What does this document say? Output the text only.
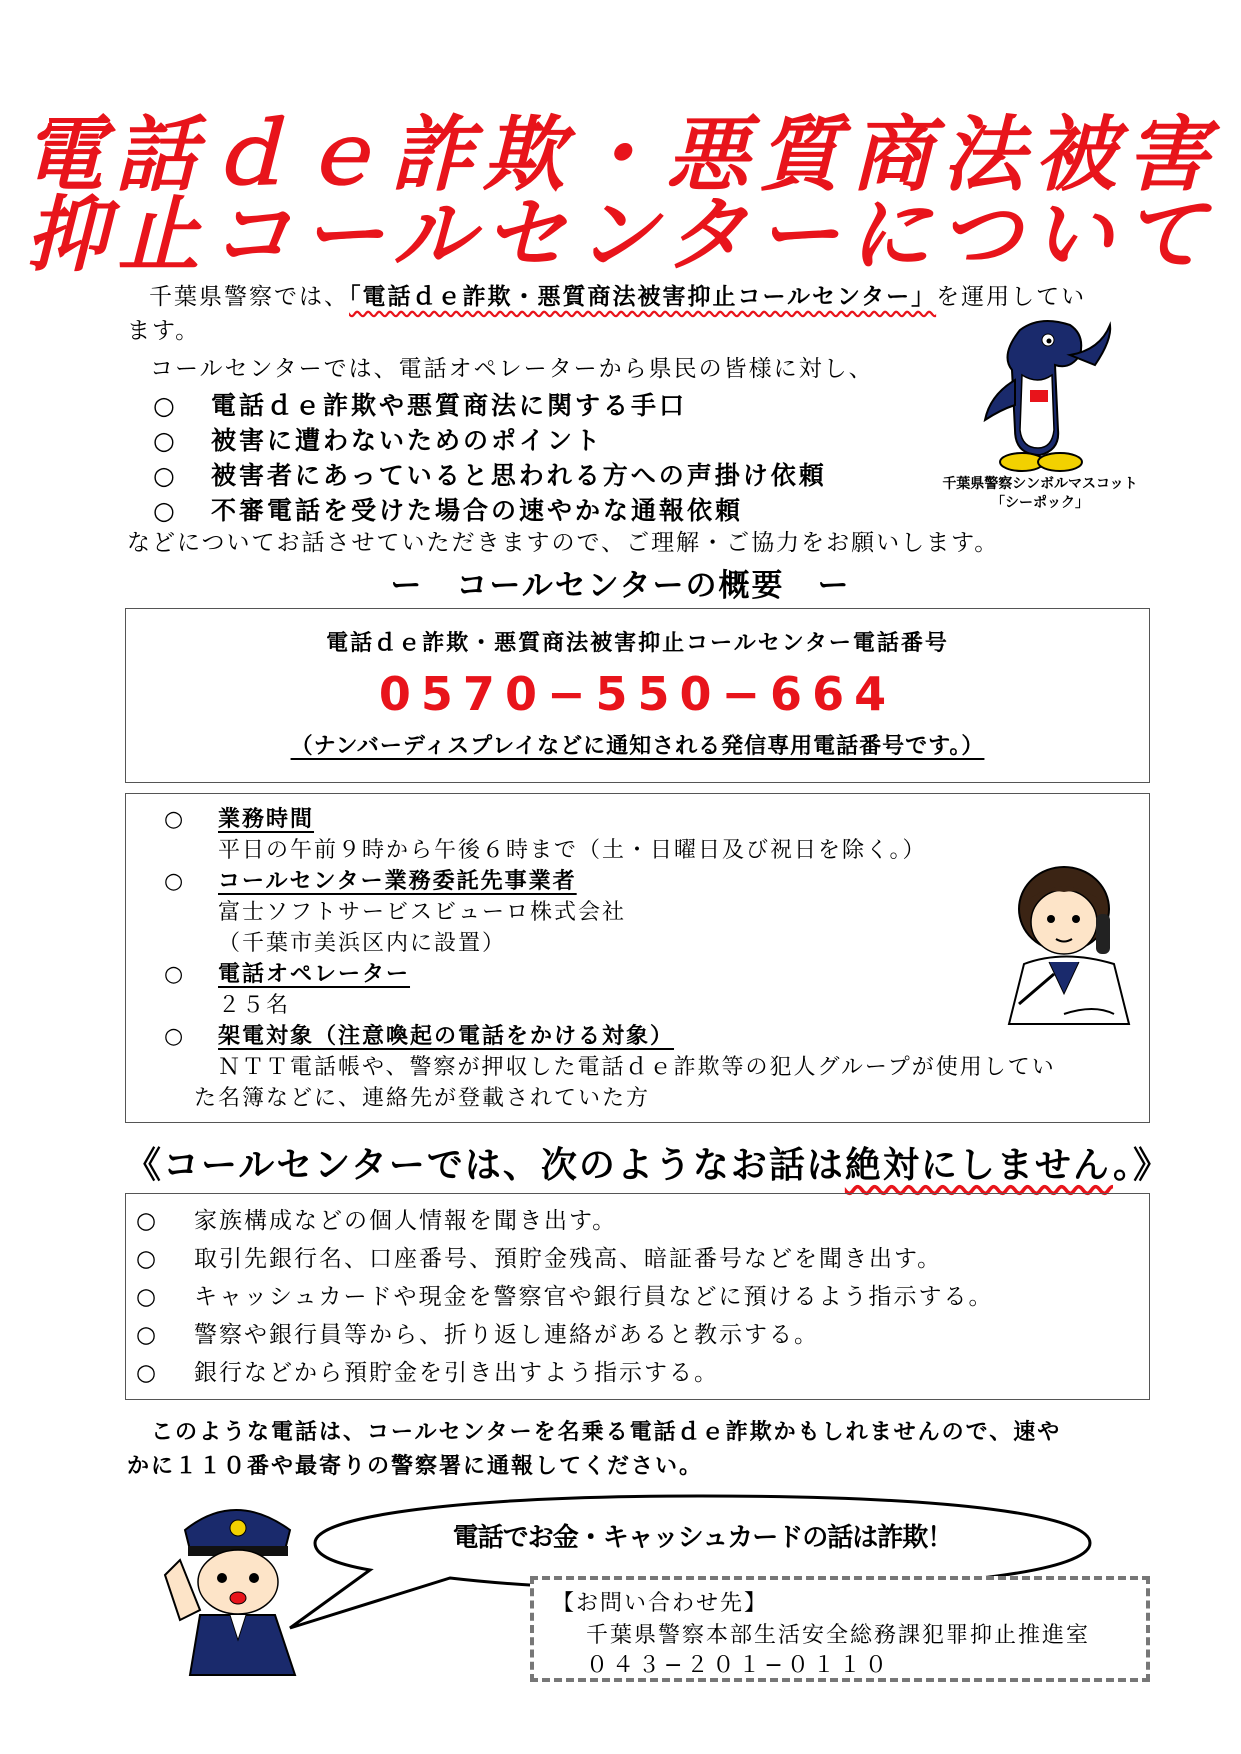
電話ｄｅ詐欺・悪質商法被害
抑止コールセンターについて
千葉県警察では、「電話ｄｅ詐欺・悪質商法被害抑止コールセンター」を運用してい
ます。
コールセンターでは、電話オペレーターから県民の皆様に対し、
○	電話ｄｅ詐欺や悪質商法に関する手口
○	被害に遭わないためのポイント
○	被害者にあっていると思われる方への声掛け依頼
○	不審電話を受けた場合の速やかな通報依頼
などについてお話させていただきますので、ご理解・ご協力をお願いします。
千葉県警察シンボルマスコット
「シーポック」
ー　コールセンターの概要　ー
電話ｄｅ詐欺・悪質商法被害抑止コールセンター電話番号
0570−550−664
（ナンバーディスプレイなどに通知される発信専用電話番号です。）
○ 業務時間
平日の午前９時から午後６時まで（土・日曜日及び祝日を除く。）
○ コールセンター業務委託先事業者
富士ソフトサービスビューロ株式会社
（千葉市美浜区内に設置）
○ 電話オペレーター
２５名
○ 架電対象（注意喚起の電話をかける対象）
ＮＴＴ電話帳や、警察が押収した電話ｄｅ詐欺等の犯人グループが使用してい
た名簿などに、連絡先が登載されていた方
《コールセンターでは、次のようなお話は絶対にしません。》
○	家族構成などの個人情報を聞き出す。
○	取引先銀行名、口座番号、預貯金残高、暗証番号などを聞き出す。
○	キャッシュカードや現金を警察官や銀行員などに預けるよう指示する。
○	警察や銀行員等から、折り返し連絡があると教示する。
○	銀行などから預貯金を引き出すよう指示する。
このような電話は、コールセンターを名乗る電話ｄｅ詐欺かもしれませんので、速や
かに１１０番や最寄りの警察署に通報してください。
電話でお金・キャッシュカードの話は詐欺！
【お問い合わせ先】
千葉県警察本部生活安全総務課犯罪抑止推進室
０４３−２０１−０１１０
